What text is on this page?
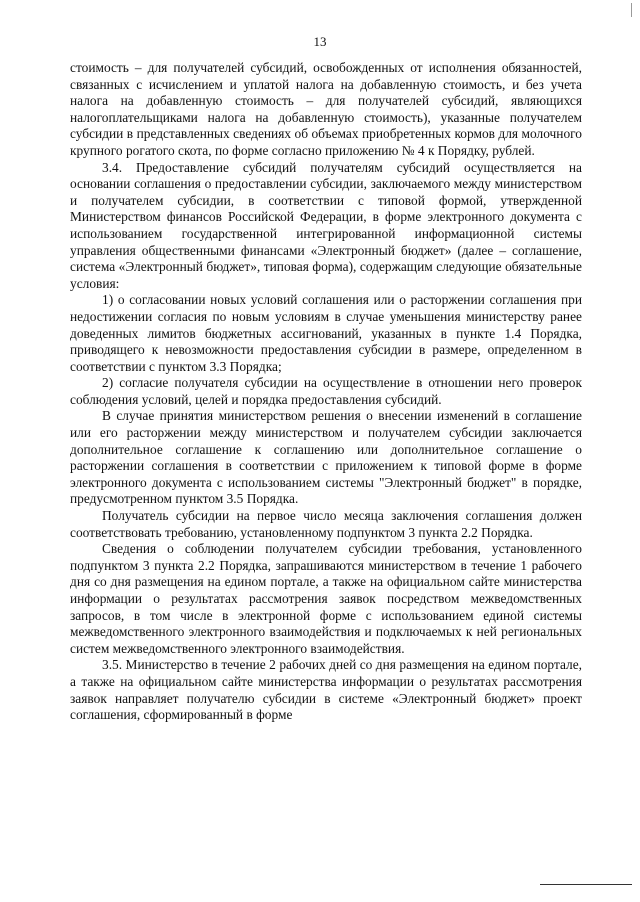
13

стоимость – для получателей субсидий, освобожденных от исполнения обязанностей, связанных с исчислением и уплатой налога на добавленную стоимость, и без учета налога на добавленную стоимость – для получателей субсидий, являющихся налогоплательщиками налога на добавленную стоимость), указанные получателем субсидии в представленных сведениях об объемах приобретенных кормов для молочного крупного рогатого скота, по форме согласно приложению № 4 к Порядку, рублей.

3.4. Предоставление субсидий получателям субсидий осуществляется на основании соглашения о предоставлении субсидии, заключаемого между министерством и получателем субсидии, в соответствии с типовой формой, утвержденной Министерством финансов Российской Федерации, в форме электронного документа с использованием государственной интегрированной информационной системы управления общественными финансами «Электронный бюджет» (далее – соглашение, система «Электронный бюджет», типовая форма), содержащим следующие обязательные условия:

1) о согласовании новых условий соглашения или о расторжении соглашения при недостижении согласия по новым условиям в случае уменьшения министерству ранее доведенных лимитов бюджетных ассигнований, указанных в пункте 1.4 Порядка, приводящего к невозможности предоставления субсидии в размере, определенном в соответствии с пунктом 3.3 Порядка;

2) согласие получателя субсидии на осуществление в отношении него проверок соблюдения условий, целей и порядка предоставления субсидий.

В случае принятия министерством решения о внесении изменений в соглашение или его расторжении между министерством и получателем субсидии заключается дополнительное соглашение к соглашению или дополнительное соглашение о расторжении соглашения в соответствии с приложением к типовой форме в форме электронного документа с использованием системы "Электронный бюджет" в порядке, предусмотренном пунктом 3.5 Порядка.

Получатель субсидии на первое число месяца заключения соглашения должен соответствовать требованию, установленному подпунктом 3 пункта 2.2 Порядка.

Сведения о соблюдении получателем субсидии требования, установленного подпунктом 3 пункта 2.2 Порядка, запрашиваются министерством в течение 1 рабочего дня со дня размещения на едином портале, а также на официальном сайте министерства информации о результатах рассмотрения заявок посредством межведомственных запросов, в том числе в электронной форме с использованием единой системы межведомственного электронного взаимодействия и подключаемых к ней региональных систем межведомственного электронного взаимодействия.

3.5. Министерство в течение 2 рабочих дней со дня размещения на едином портале, а также на официальном сайте министерства информации о результатах рассмотрения заявок направляет получателю субсидии в системе «Электронный бюджет» проект соглашения, сформированный в форме
